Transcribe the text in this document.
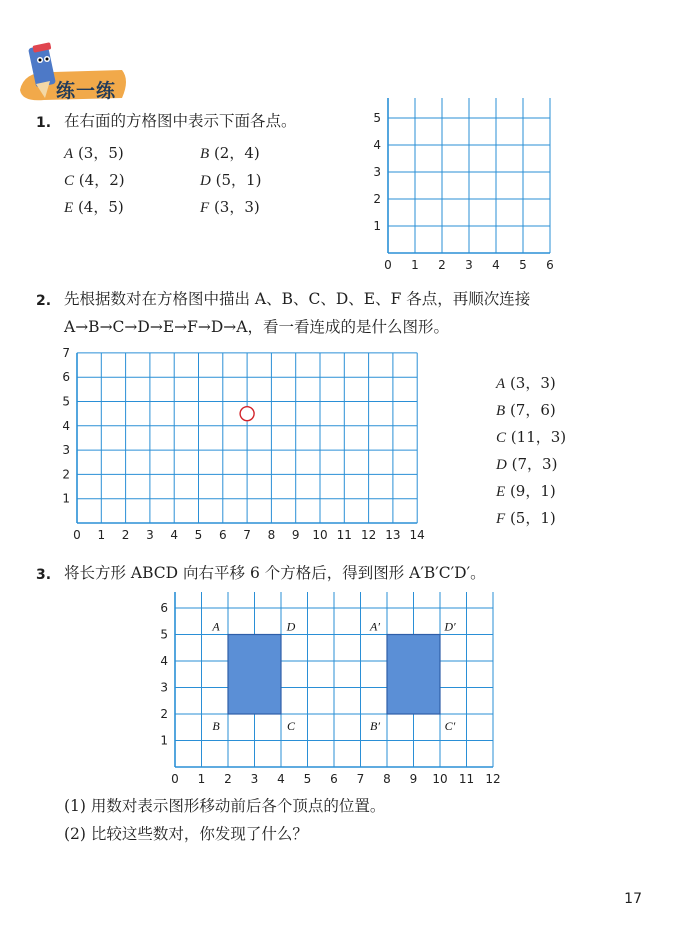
练一练
1. 在右面的方格图中表示下面各点。
A (3，5)	B (2，4)
C (4，2)	D (5，1)
E (4，5)	F (3，3)
0 1 2 3 4 5 6
1
2
3
4
5
2. 先根据数对在方格图中描出 A、B、C、D、E、F 各点，再顺次连接
A→B→C→D→E→F→D→A，看一看连成的是什么图形。
0 1 2 3 4 5 6 7 8 9 10 11 12 13 14
1
2
3
4
5
6
7
A (3，3)
B (7，6)
C (11，3)
D (7，3)
E (9，1)
F (5，1)
3. 将长方形 ABCD 向右平移 6 个方格后，得到图形 A′B′C′D′。
0 1 2 3 4 5 6 7 8 9 10 11 12
1
2
3
4
5
6
A	D
B	C
A′	D′
B′	C′
(1) 用数对表示图形移动前后各个顶点的位置。
(2) 比较这些数对，你发现了什么？
17
